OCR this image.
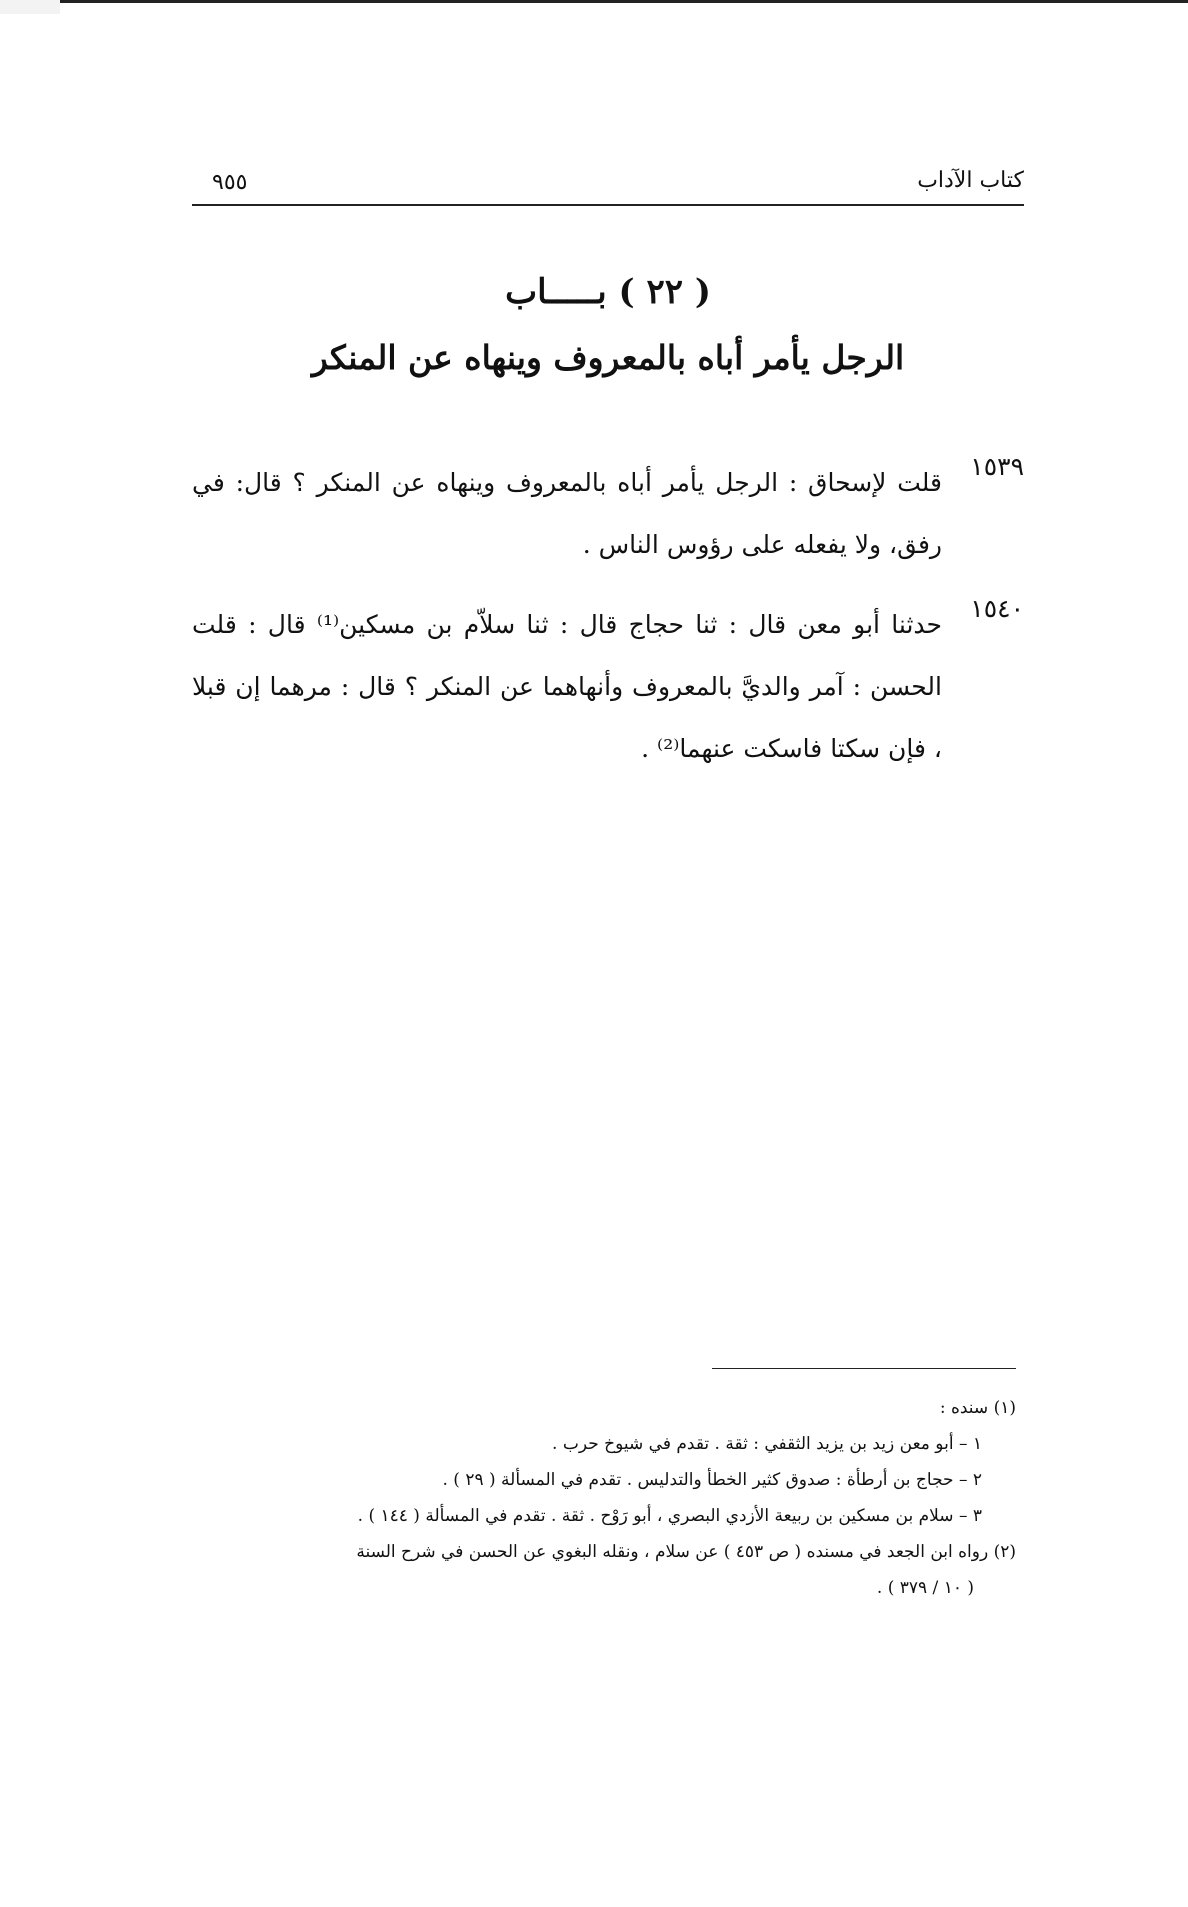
كتاب الآداب
٩٥٥
( ٢٢ ) بـــــاب
الرجل يأمر أباه بالمعروف وينهاه عن المنكر
١٥٣٩
قلت لإسحاق : الرجل يأمر أباه بالمعروف وينهاه عن المنكر ؟ قال: في رفق، ولا يفعله على رؤوس الناس .
١٥٤٠
حدثنا أبو معن قال : ثنا حجاج قال : ثنا سلاّم بن مسكين⁽¹⁾ قال : قلت الحسن : آمر والديَّ بالمعروف وأنهاهما عن المنكر ؟ قال : مرهما إن قبلا ، فإن سكتا فاسكت عنهما⁽²⁾ .
(١) سنده :
١ – أبو معن زيد بن يزيد الثقفي : ثقة . تقدم في شيوخ حرب .
٢ – حجاج بن أرطأة : صدوق كثير الخطأ والتدليس . تقدم في المسألة ( ٢٩ ) .
٣ – سلام بن مسكين بن ربيعة الأزدي البصري ، أبو رَوْح . ثقة . تقدم في المسألة ( ١٤٤ ) .
(٢) رواه ابن الجعد في مسنده ( ص ٤٥٣ ) عن سلام ، ونقله البغوي عن الحسن في شرح السنة
( ١٠ / ٣٧٩ ) .
